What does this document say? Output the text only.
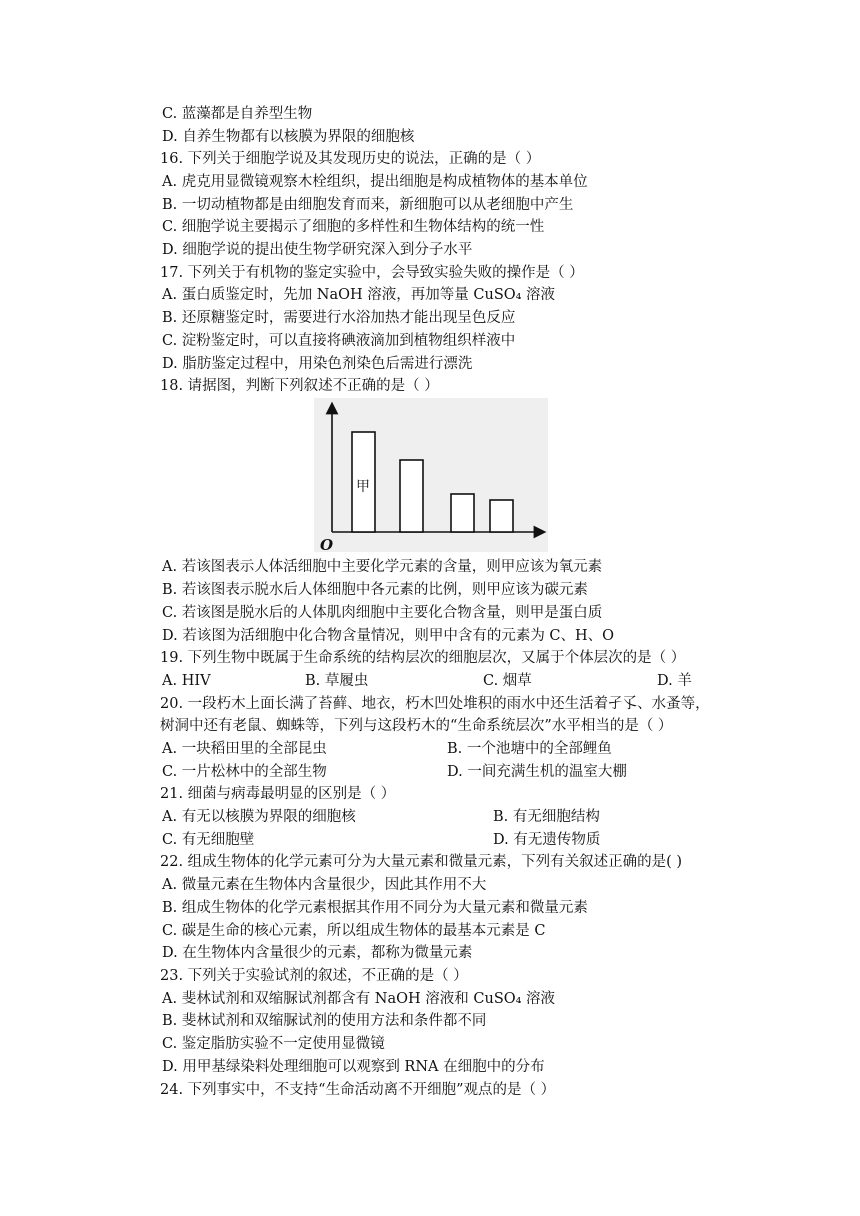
C. 蓝藻都是自养型生物
D. 自养生物都有以核膜为界限的细胞核
16. 下列关于细胞学说及其发现历史的说法，正确的是（ ）
A. 虎克用显微镜观察木栓组织，提出细胞是构成植物体的基本单位
B. 一切动植物都是由细胞发育而来，新细胞可以从老细胞中产生
C. 细胞学说主要揭示了细胞的多样性和生物体结构的统一性
D. 细胞学说的提出使生物学研究深入到分子水平
17. 下列关于有机物的鉴定实验中，会导致实验失败的操作是（ ）
A. 蛋白质鉴定时，先加 NaOH 溶液，再加等量 CuSO₄ 溶液
B. 还原糖鉴定时，需要进行水浴加热才能出现呈色反应
C. 淀粉鉴定时，可以直接将碘液滴加到植物组织样液中
D. 脂肪鉴定过程中，用染色剂染色后需进行漂洗
18. 请据图，判断下列叙述不正确的是（ ）
甲
O
A. 若该图表示人体活细胞中主要化学元素的含量，则甲应该为氧元素
B. 若该图表示脱水后人体细胞中各元素的比例，则甲应该为碳元素
C. 若该图是脱水后的人体肌肉细胞中主要化合物含量，则甲是蛋白质
D. 若该图为活细胞中化合物含量情况，则甲中含有的元素为 C、H、O
19. 下列生物中既属于生命系统的结构层次的细胞层次，又属于个体层次的是（ ）
A. HIV	B. 草履虫	C. 烟草	D. 羊
20. 一段朽木上面长满了苔藓、地衣，朽木凹处堆积的雨水中还生活着孑孓、水蚤等，
树洞中还有老鼠、蜘蛛等，下列与这段朽木的“生命系统层次”水平相当的是（ ）
A. 一块稻田里的全部昆虫	B. 一个池塘中的全部鲤鱼
C. 一片松林中的全部生物	D. 一间充满生机的温室大棚
21. 细菌与病毒最明显的区别是（ ）
A. 有无以核膜为界限的细胞核	B. 有无细胞结构
C. 有无细胞壁	D. 有无遗传物质
22. 组成生物体的化学元素可分为大量元素和微量元素，下列有关叙述正确的是( )
A. 微量元素在生物体内含量很少，因此其作用不大
B. 组成生物体的化学元素根据其作用不同分为大量元素和微量元素
C. 碳是生命的核心元素，所以组成生物体的最基本元素是 C
D. 在生物体内含量很少的元素，都称为微量元素
23. 下列关于实验试剂的叙述，不正确的是（ ）
A. 斐林试剂和双缩脲试剂都含有 NaOH 溶液和 CuSO₄ 溶液
B. 斐林试剂和双缩脲试剂的使用方法和条件都不同
C. 鉴定脂肪实验不一定使用显微镜
D. 用甲基绿染料处理细胞可以观察到 RNA 在细胞中的分布
24. 下列事实中，不支持“生命活动离不开细胞”观点的是（ ）
